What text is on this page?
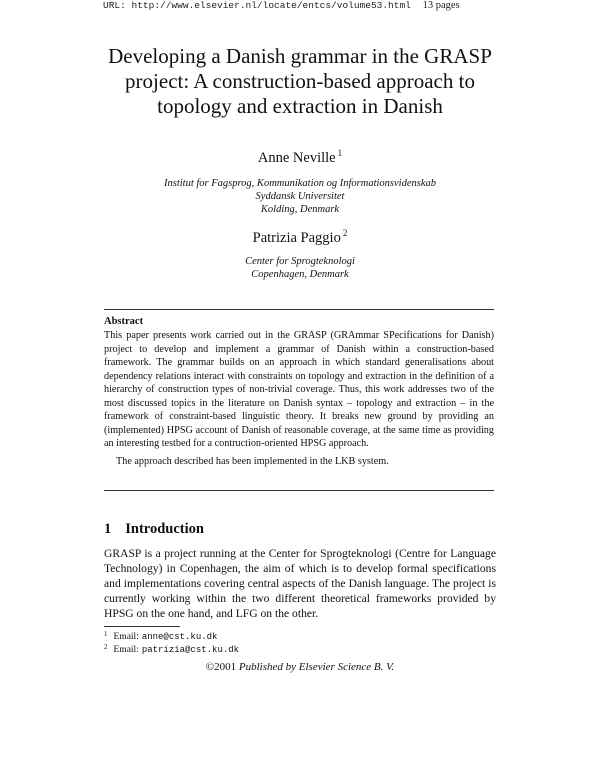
URL: http://www.elsevier.nl/locate/entcs/volume53.html 13 pages
Developing a Danish grammar in the GRASP
project: A construction-based approach to
topology and extraction in Danish
Anne Neville $^1$
Institut for Fagsprog, Kommunikation og Informationsvidenskab
Syddansk Universitet
Kolding, Denmark
Patrizia Paggio $^2$
Center for Sprogteknologi
Copenhagen, Denmark
Abstract

This paper presents work carried out in the GRASP (GRAmmar SPecifications for Danish) project to develop and implement a grammar of Danish within a construction-based framework. The grammar builds on an approach in which standard generalisations about dependency relations interact with constraints on topology and extraction in the definition of a hierarchy of construction types of non-trivial coverage. Thus, this work addresses two of the most discussed topics in the literature on Danish syntax – topology and extraction – in the framework of constraint-based linguistic theory. It breaks new ground by providing an (implemented) HPSG account of Danish of reasonable coverage, at the same time as providing an interesting testbed for a contruction-oriented HPSG approach.

The approach described has been implemented in the LKB system.

1 Introduction

GRASP is a project running at the Center for Sprogteknologi (Centre for Language Technology) in Copenhagen, the aim of which is to develop formal specifications and implementations covering central aspects of the Danish language. The project is currently working within the two different theoretical frameworks provided by HPSG on the one hand, and LFG on the other.

$^1$ Email: anne@cst.ku.dk
$^2$ Email: patrizia@cst.ku.dk
©2001 Published by Elsevier Science B. V.
